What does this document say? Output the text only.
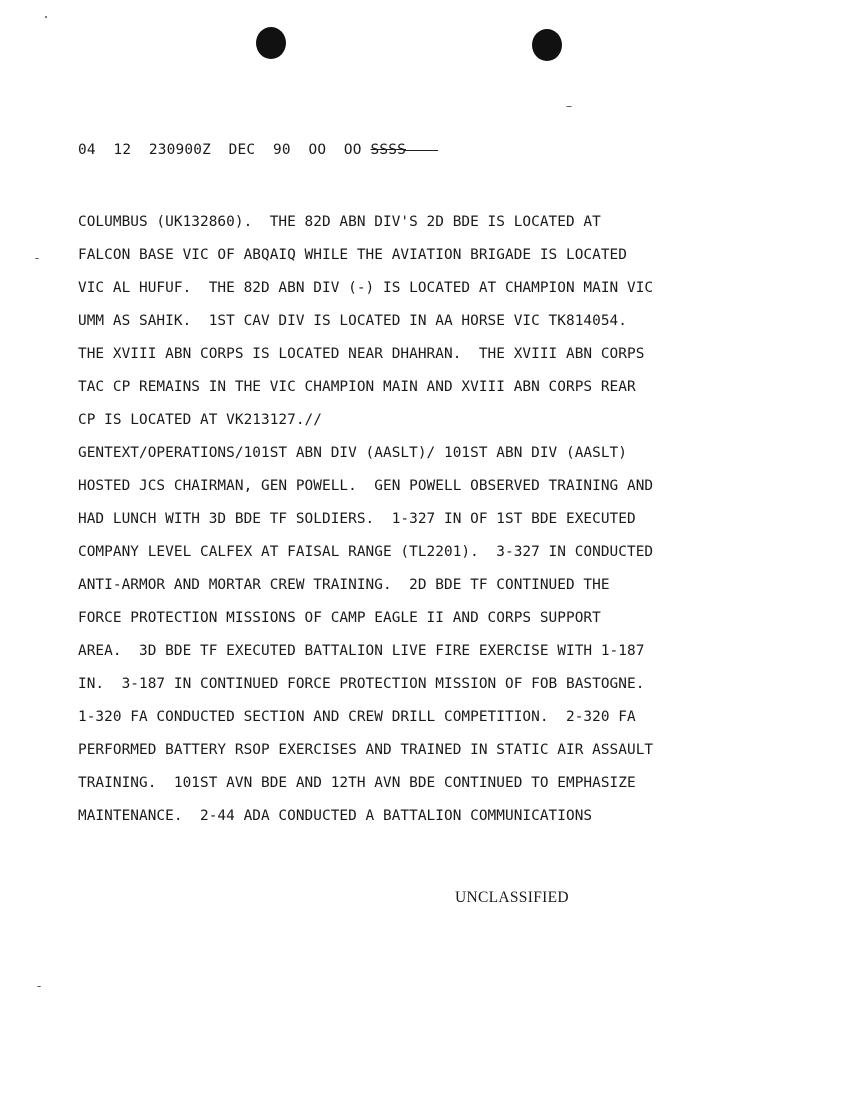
04  12  230900Z  DEC  90  OO  OO SSSS
COLUMBUS (UK132860).  THE 82D ABN DIV'S 2D BDE IS LOCATED AT
FALCON BASE VIC OF ABQAIQ WHILE THE AVIATION BRIGADE IS LOCATED
VIC AL HUFUF.  THE 82D ABN DIV (-) IS LOCATED AT CHAMPION MAIN VIC
UMM AS SAHIK.  1ST CAV DIV IS LOCATED IN AA HORSE VIC TK814054.
THE XVIII ABN CORPS IS LOCATED NEAR DHAHRAN.  THE XVIII ABN CORPS
TAC CP REMAINS IN THE VIC CHAMPION MAIN AND XVIII ABN CORPS REAR
CP IS LOCATED AT VK213127.//
GENTEXT/OPERATIONS/101ST ABN DIV (AASLT)/ 101ST ABN DIV (AASLT)
HOSTED JCS CHAIRMAN, GEN POWELL.  GEN POWELL OBSERVED TRAINING AND
HAD LUNCH WITH 3D BDE TF SOLDIERS.  1-327 IN OF 1ST BDE EXECUTED
COMPANY LEVEL CALFEX AT FAISAL RANGE (TL2201).  3-327 IN CONDUCTED
ANTI-ARMOR AND MORTAR CREW TRAINING.  2D BDE TF CONTINUED THE
FORCE PROTECTION MISSIONS OF CAMP EAGLE II AND CORPS SUPPORT
AREA.  3D BDE TF EXECUTED BATTALION LIVE FIRE EXERCISE WITH 1-187
IN.  3-187 IN CONTINUED FORCE PROTECTION MISSION OF FOB BASTOGNE.
1-320 FA CONDUCTED SECTION AND CREW DRILL COMPETITION.  2-320 FA
PERFORMED BATTERY RSOP EXERCISES AND TRAINED IN STATIC AIR ASSAULT
TRAINING.  101ST AVN BDE AND 12TH AVN BDE CONTINUED TO EMPHASIZE
MAINTENANCE.  2-44 ADA CONDUCTED A BATTALION COMMUNICATIONS
UNCLASSIFIED
